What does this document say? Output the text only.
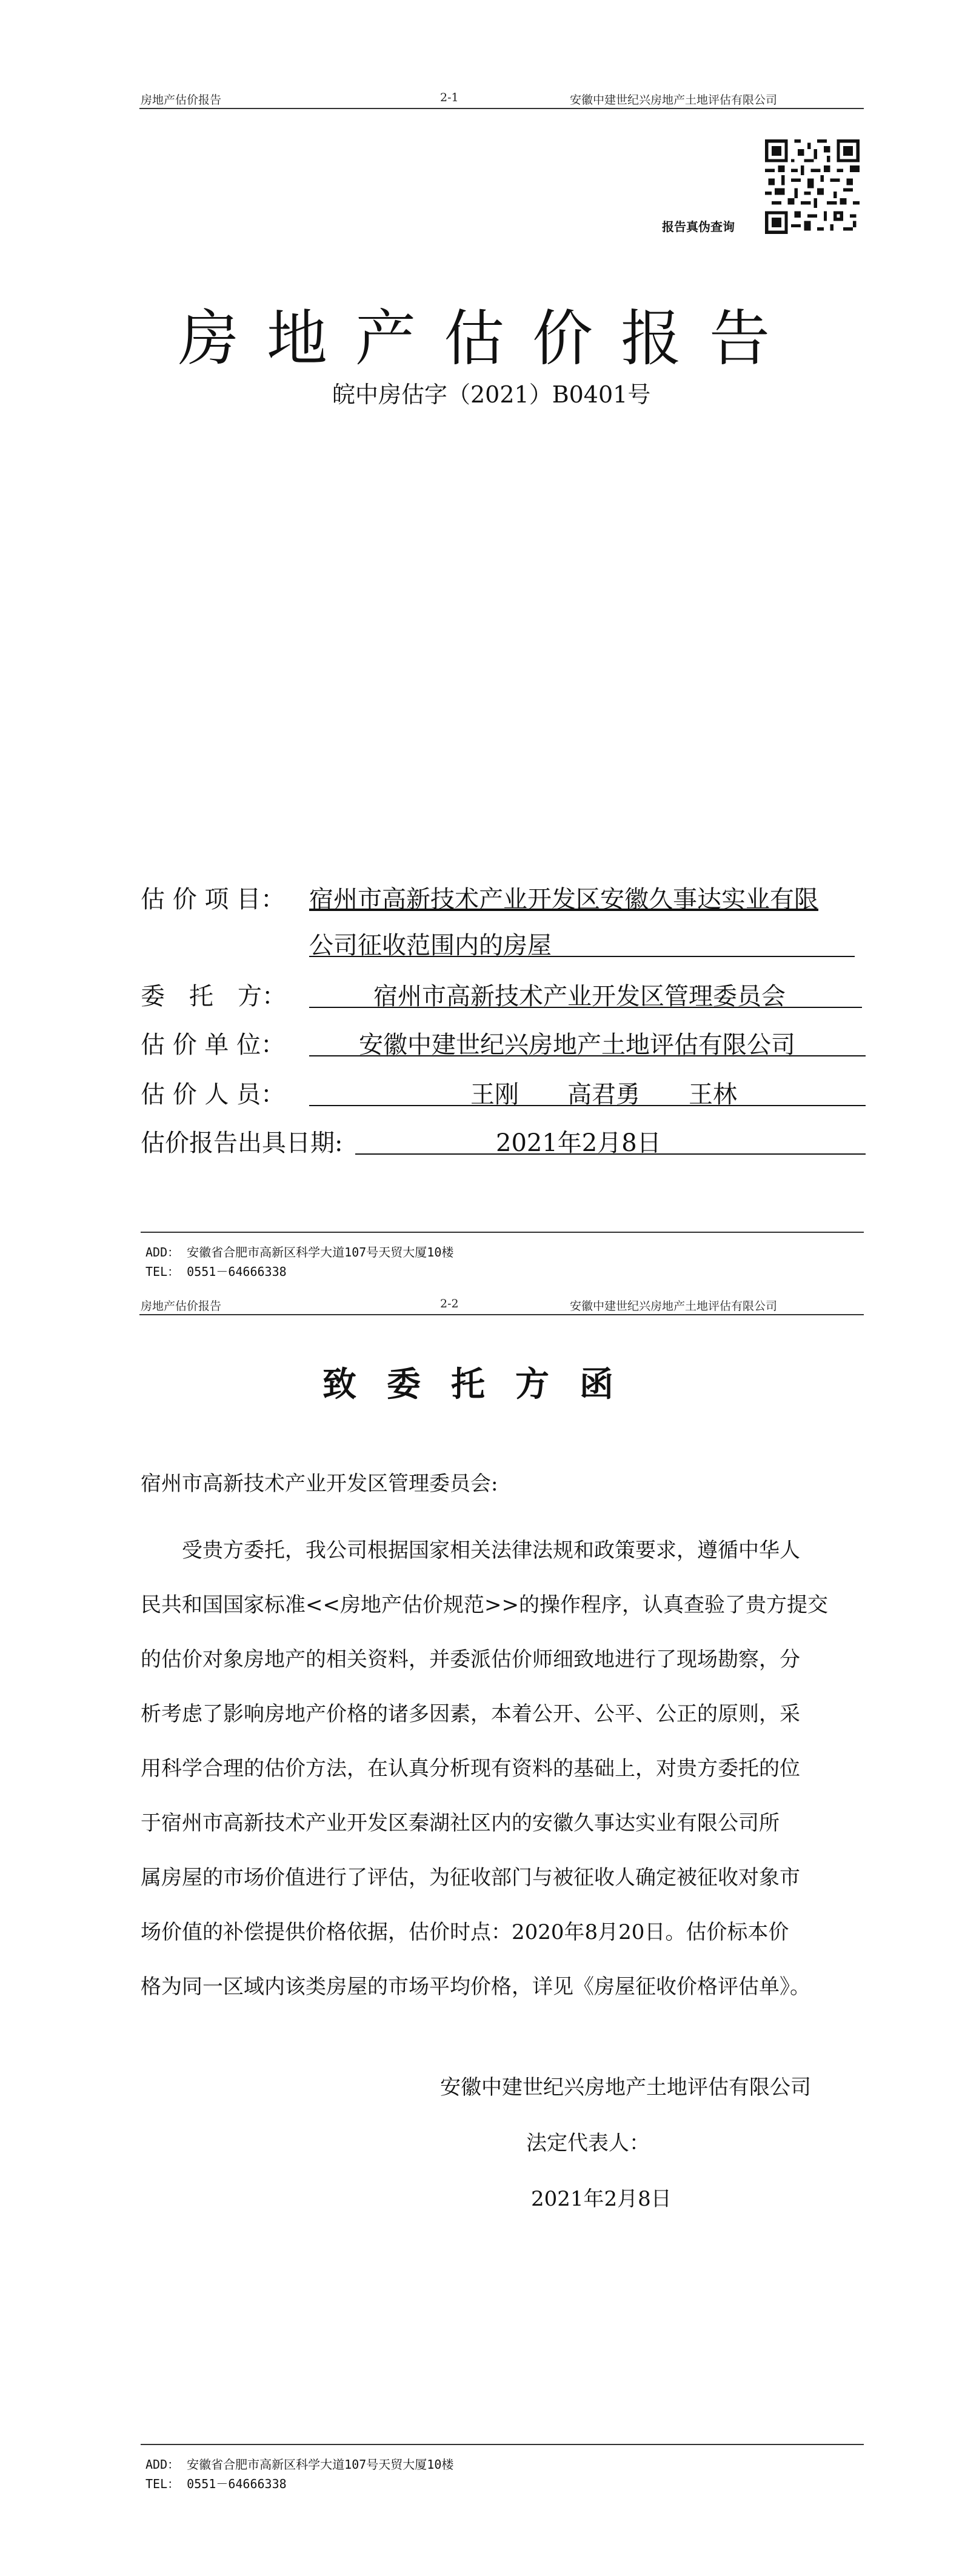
房地产估价报告	2-1	安徽中建世纪兴房地产土地评估有限公司
报告真伪查询
房地产估价报告
皖中房估字（2021）B0401号
估 价 项 目： 宿州市高新技术产业开发区安徽久事达实业有限
公司征收范围内的房屋
委　托　方：	宿州市高新技术产业开发区管理委员会
估 价 单 位：	安徽中建世纪兴房地产土地评估有限公司
估 价 人 员：	王刚　　高君勇　　王林
估价报告出具日期:	2021年2月8日
ADD： 安徽省合肥市高新区科学大道107号天贸大厦10楼
TEL： 0551－64666338
房地产估价报告	2-2	安徽中建世纪兴房地产土地评估有限公司
致委托方函
宿州市高新技术产业开发区管理委员会:
受贵方委托，我公司根据国家相关法律法规和政策要求，遵循中华人
民共和国国家标准<<房地产估价规范>>的操作程序，认真查验了贵方提交
的估价对象房地产的相关资料，并委派估价师细致地进行了现场勘察，分
析考虑了影响房地产价格的诸多因素，本着公开、公平、公正的原则，采
用科学合理的估价方法，在认真分析现有资料的基础上，对贵方委托的位
于宿州市高新技术产业开发区秦湖社区内的安徽久事达实业有限公司所
属房屋的市场价值进行了评估，为征收部门与被征收人确定被征收对象市
场价值的补偿提供价格依据，估价时点：2020年8月20日。估价标本价
格为同一区域内该类房屋的市场平均价格，详见《房屋征收价格评估单》。
安徽中建世纪兴房地产土地评估有限公司
法定代表人：
2021年2月8日
ADD： 安徽省合肥市高新区科学大道107号天贸大厦10楼
TEL： 0551－64666338
